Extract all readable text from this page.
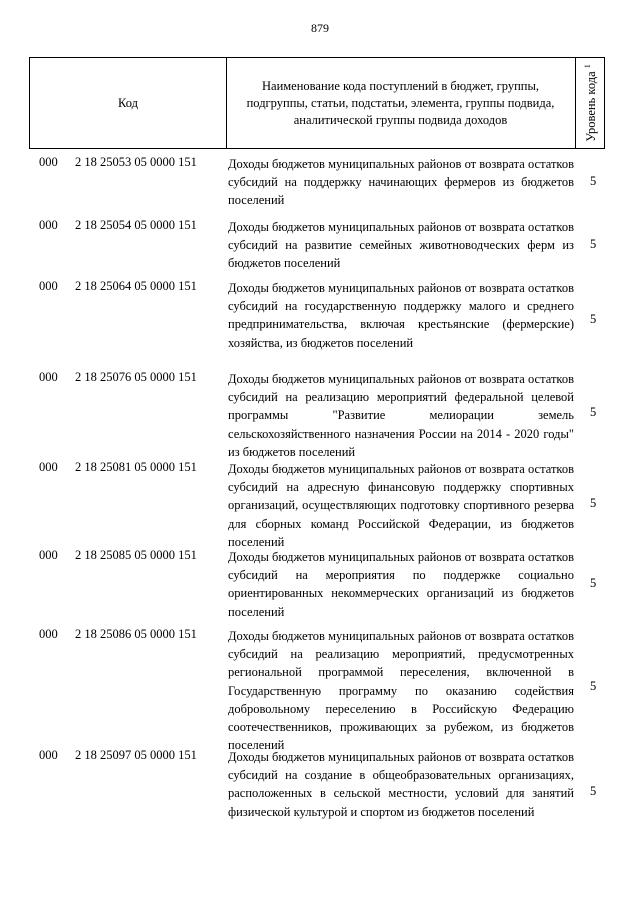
879
Код
Наименование кода поступлений в бюджет, группы, подгруппы, статьи, подстатьи, элемента, группы подвида, аналитической группы подвида доходов	Уровень кода $^1$
000 2 18 25053 05 0000 151 Доходы бюджетов муниципальных районов от возврата остатков субсидий на поддержку начинающих фермеров из бюджетов поселений
5
000 2 18 25054 05 0000 151 Доходы бюджетов муниципальных районов от возврата остатков субсидий на развитие семейных животноводческих ферм из бюджетов поселений
5
000 2 18 25064 05 0000 151 Доходы бюджетов муниципальных районов от возврата остатков субсидий на государственную поддержку малого и среднего предпринимательства, включая крестьянские (фермерские) хозяйства, из бюджетов поселений
5
000 2 18 25076 05 0000 151 Доходы бюджетов муниципальных районов от возврата остатков субсидий на реализацию мероприятий федеральной целевой программы "Развитие мелиорации земель сельскохозяйственного назначения России на 2014 - 2020 годы" из бюджетов поселений
5
000 2 18 25081 05 0000 151 Доходы бюджетов муниципальных районов от возврата остатков субсидий на адресную финансовую поддержку спортивных организаций, осуществляющих подготовку спортивного резерва для сборных команд Российской Федерации, из бюджетов поселений
5
000 2 18 25085 05 0000 151 Доходы бюджетов муниципальных районов от возврата остатков субсидий на мероприятия по поддержке социально ориентированных некоммерческих организаций из бюджетов поселений
5
000 2 18 25086 05 0000 151 Доходы бюджетов муниципальных районов от возврата остатков субсидий на реализацию мероприятий, предусмотренных региональной программой переселения, включенной в Государственную программу по оказанию содействия добровольному переселению в Российскую Федерацию соотечественников, проживающих за рубежом, из бюджетов поселений
5
000 2 18 25097 05 0000 151 Доходы бюджетов муниципальных районов от возврата остатков субсидий на создание в общеобразовательных организациях, расположенных в сельской местности, условий для занятий физической культурой и спортом из бюджетов поселений
5
